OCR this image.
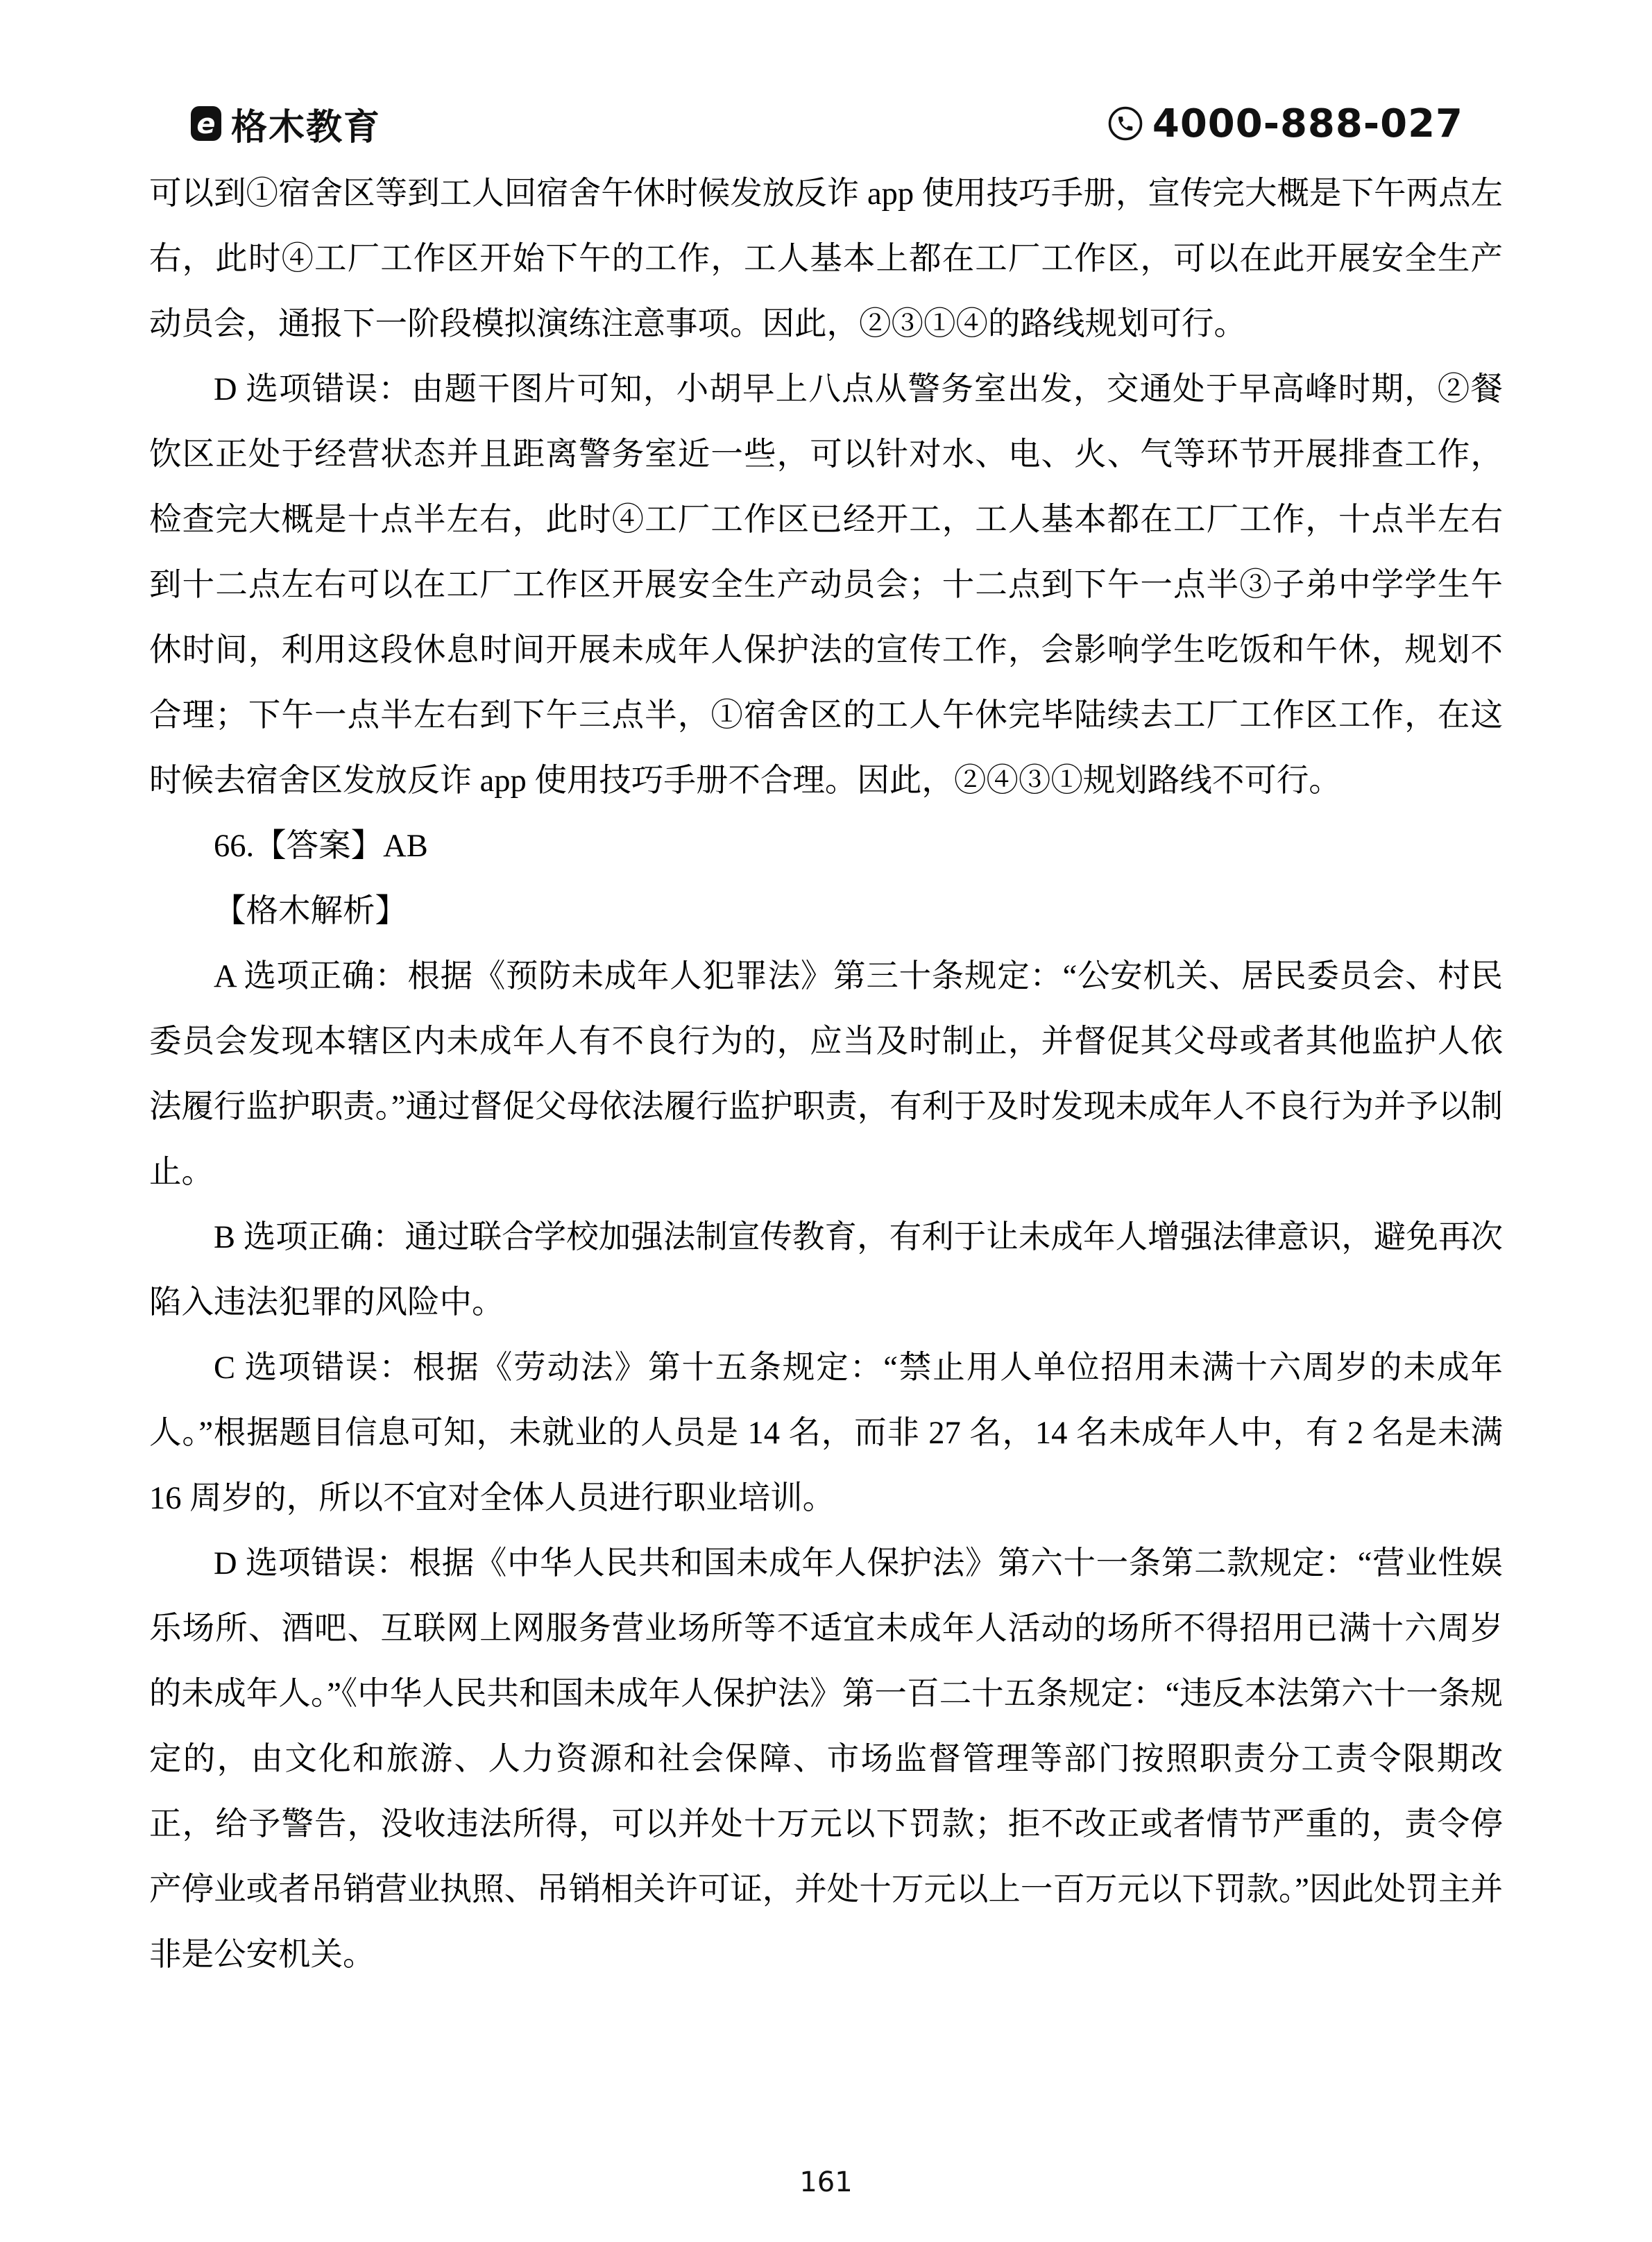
e 格木教育	4000-888-027

可以到①宿舍区等到工人回宿舍午休时候发放反诈 app 使用技巧手册，宣传完大概是下午两点左右，此时④工厂工作区开始下午的工作，工人基本上都在工厂工作区，可以在此开展安全生产动员会，通报下一阶段模拟演练注意事项。因此，②③①④的路线规划可行。

D 选项错误：由题干图片可知，小胡早上八点从警务室出发，交通处于早高峰时期，②餐饮区正处于经营状态并且距离警务室近一些，可以针对水、电、火、气等环节开展排查工作，检查完大概是十点半左右，此时④工厂工作区已经开工，工人基本都在工厂工作，十点半左右到十二点左右可以在工厂工作区开展安全生产动员会；十二点到下午一点半③子弟中学学生午休时间，利用这段休息时间开展未成年人保护法的宣传工作，会影响学生吃饭和午休，规划不合理；下午一点半左右到下午三点半，①宿舍区的工人午休完毕陆续去工厂工作区工作，在这时候去宿舍区发放反诈 app 使用技巧手册不合理。因此，②④③①规划路线不可行。

66.【答案】AB

【格木解析】

A 选项正确：根据《预防未成年人犯罪法》第三十条规定：“公安机关、居民委员会、村民委员会发现本辖区内未成年人有不良行为的，应当及时制止，并督促其父母或者其他监护人依法履行监护职责。”通过督促父母依法履行监护职责，有利于及时发现未成年人不良行为并予以制止。

B 选项正确：通过联合学校加强法制宣传教育，有利于让未成年人增强法律意识，避免再次陷入违法犯罪的风险中。

C 选项错误：根据《劳动法》第十五条规定：“禁止用人单位招用未满十六周岁的未成年人。”根据题目信息可知，未就业的人员是 14 名，而非 27 名，14 名未成年人中，有 2 名是未满 16 周岁的，所以不宜对全体人员进行职业培训。

D 选项错误：根据《中华人民共和国未成年人保护法》第六十一条第二款规定：“营业性娱乐场所、酒吧、互联网上网服务营业场所等不适宜未成年人活动的场所不得招用已满十六周岁的未成年人。”《中华人民共和国未成年人保护法》第一百二十五条规定：“违反本法第六十一条规定的，由文化和旅游、人力资源和社会保障、市场监督管理等部门按照职责分工责令限期改正，给予警告，没收违法所得，可以并处十万元以下罚款；拒不改正或者情节严重的，责令停产停业或者吊销营业执照、吊销相关许可证，并处十万元以上一百万元以下罚款。”因此处罚主并非是公安机关。

161
